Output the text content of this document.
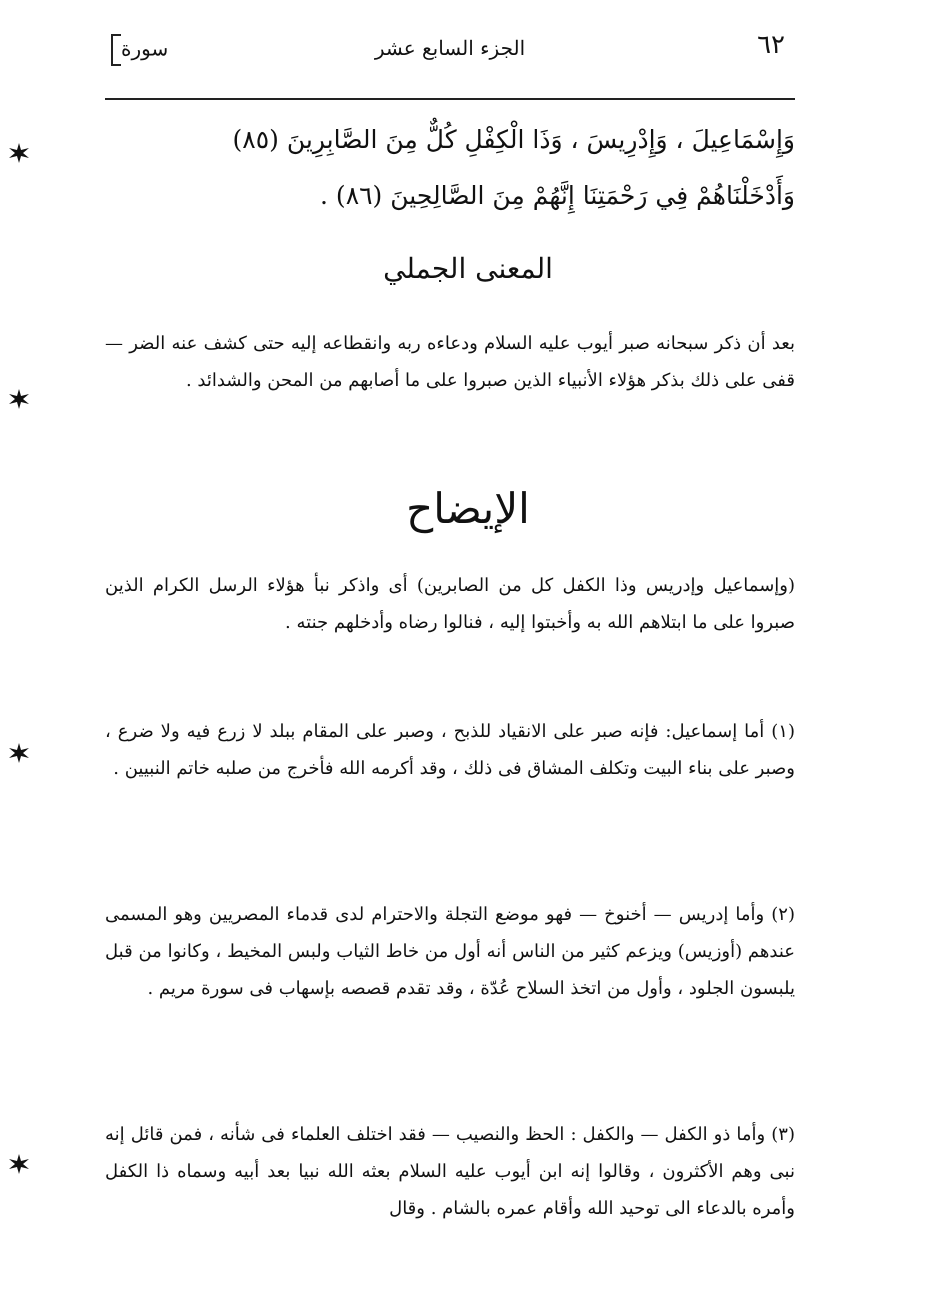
٦٢
الجزء السابع عشر
سورة
وَإِسْمَاعِيلَ ، وَإِدْرِيسَ ، وَذَا الْكِفْلِ كُلٌّ مِنَ الصَّابِرِينَ (٨٥)
وَأَدْخَلْنَاهُمْ فِي رَحْمَتِنَا إِنَّهُمْ مِنَ الصَّالِحِينَ (٨٦) .
المعنى الجملي

بعد أن ذكر سبحانه صبر أيوب عليه السلام ودعاءه ربه وانقطاعه إليه حتى كشف عنه الضر — قفى على ذلك بذكر هؤلاء الأنبياء الذين صبروا على ما أصابهم من المحن والشدائد .

الإيضاح

(وإسماعيل وإدريس وذا الكفل كل من الصابرين) أى واذكر نبأ هؤلاء الرسل الكرام الذين صبروا على ما ابتلاهم الله به وأخبتوا إليه ، فنالوا رضاه وأدخلهم جنته .

(١) أما إسماعيل: فإنه صبر على الانقياد للذبح ، وصبر على المقام ببلد لا زرع فيه ولا ضرع ، وصبر على بناء البيت وتكلف المشاق فى ذلك ، وقد أكرمه الله فأخرج من صلبه خاتم النبيين .

(٢) وأما إدريس — أخنوخ — فهو موضع التجلة والاحترام لدى قدماء المصريين وهو المسمى عندهم (أوزيس) ويزعم كثير من الناس أنه أول من خاط الثياب ولبس المخيط ، وكانوا من قبل يلبسون الجلود ، وأول من اتخذ السلاح عُدّة ، وقد تقدم قصصه بإسهاب فى سورة مريم .

(٣) وأما ذو الكفل — والكفل : الحظ والنصيب — فقد اختلف العلماء فى شأنه ، فمن قائل إنه نبى وهم الأكثرون ، وقالوا إنه ابن أيوب عليه السلام بعثه الله نبيا بعد أبيه وسماه ذا الكفل وأمره بالدعاء الى توحيد الله وأقام عمره بالشام . وقال
